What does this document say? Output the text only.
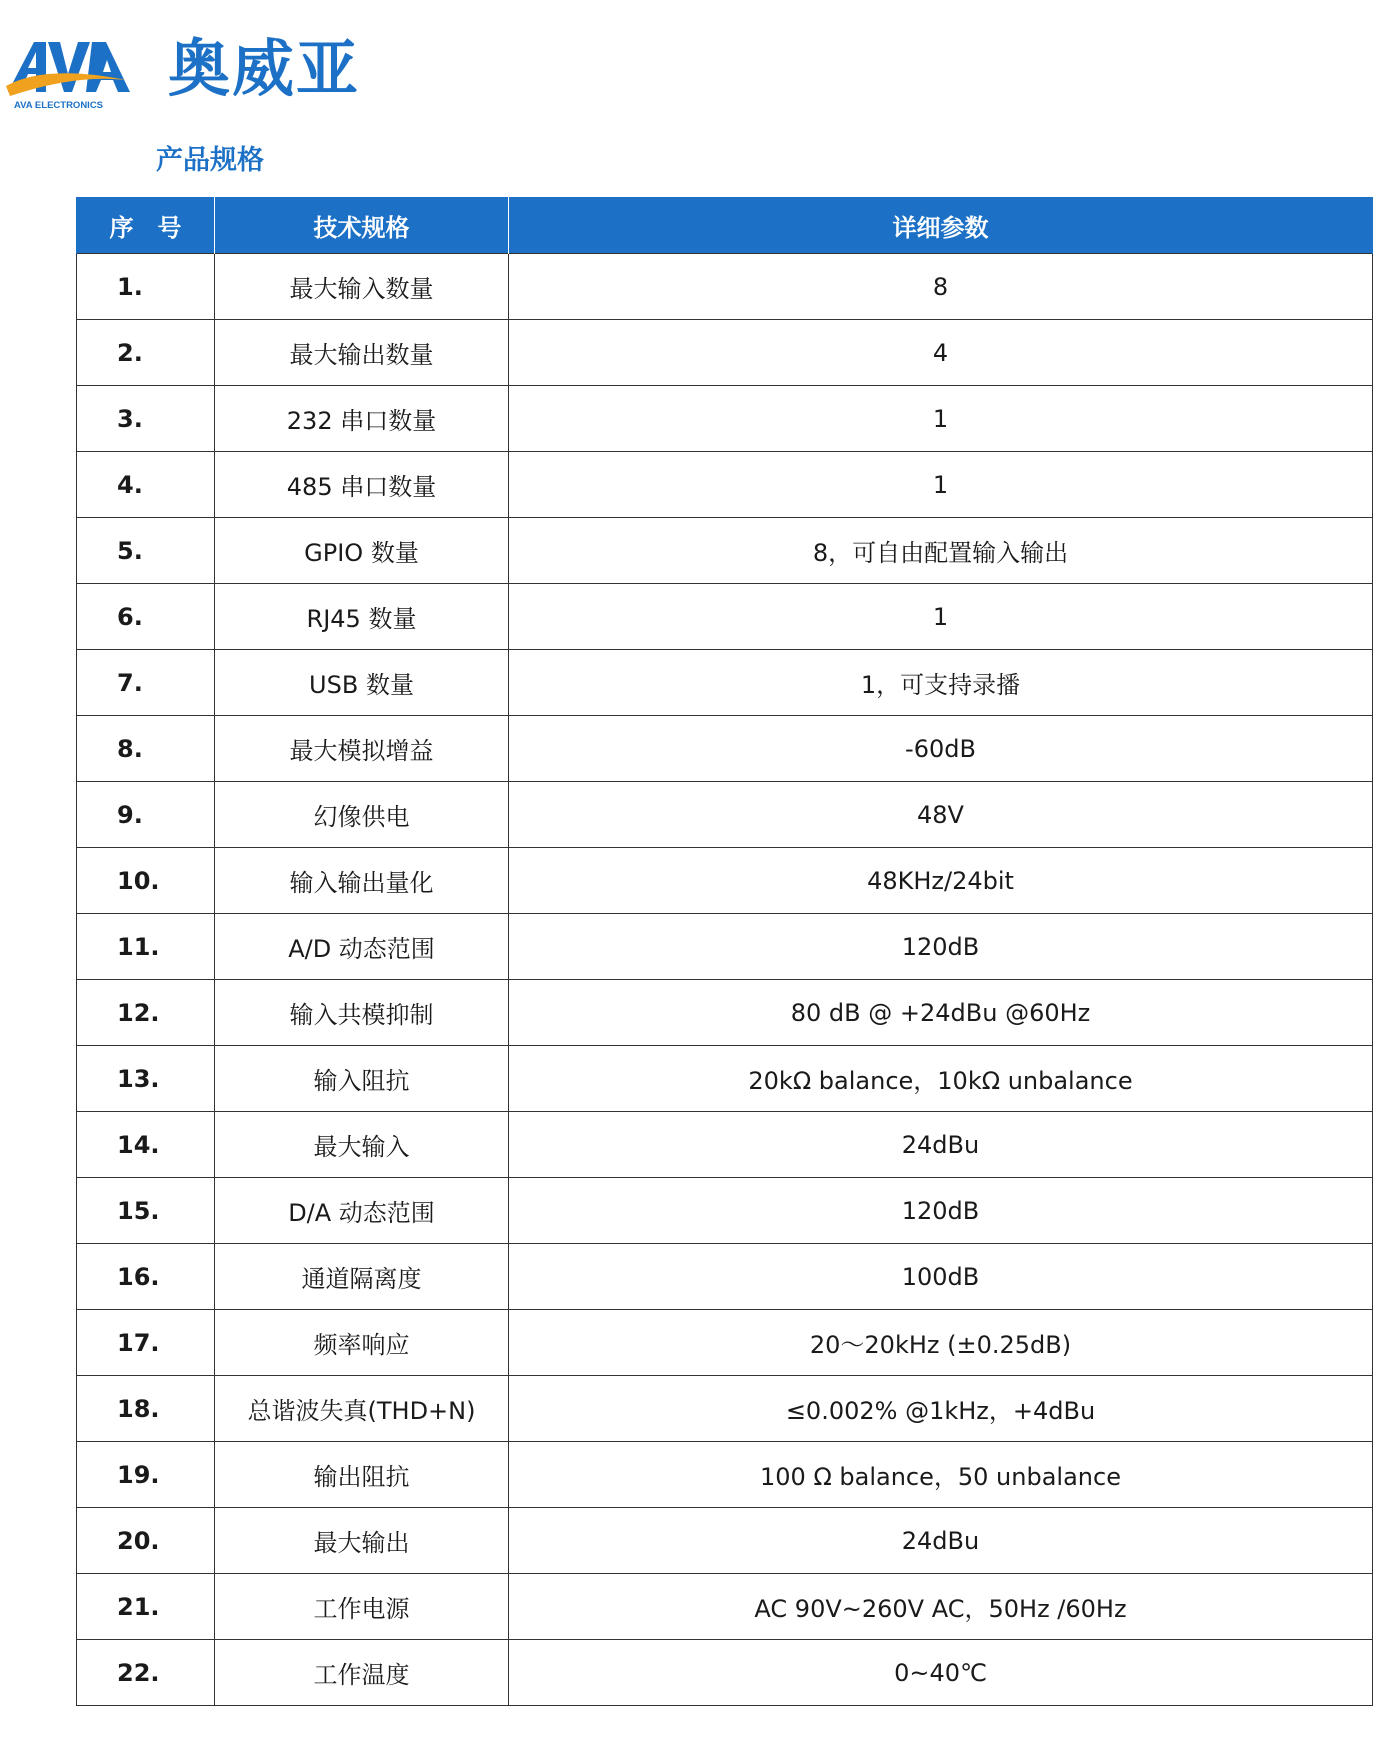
AVA ELECTRONICS
奥威亚
产品规格
序　号	技术规格	详细参数
1.	最大输入数量	8
2.	最大输出数量	4
3.	232 串口数量	1
4.	485 串口数量	1
5.	GPIO 数量	8，可自由配置输入输出
6.	RJ45 数量	1
7.	USB 数量	1，可支持录播
8.	最大模拟增益	-60dB
9.	幻像供电	48V
10.	输入输出量化	48KHz/24bit
11.	A/D 动态范围	120dB
12.	输入共模抑制	80 dB @ +24dBu @60Hz
13.	输入阻抗	20kΩ balance，10kΩ unbalance
14.	最大输入	24dBu
15.	D/A 动态范围	120dB
16.	通道隔离度	100dB
17.	频率响应	20～20kHz (±0.25dB)
18.	总谐波失真(THD+N)	≤0.002% @1kHz，+4dBu
19.	输出阻抗	100 Ω balance，50 unbalance
20.	最大输出	24dBu
21.	工作电源	AC 90V~260V AC，50Hz /60Hz
22.	工作温度	0~40℃
